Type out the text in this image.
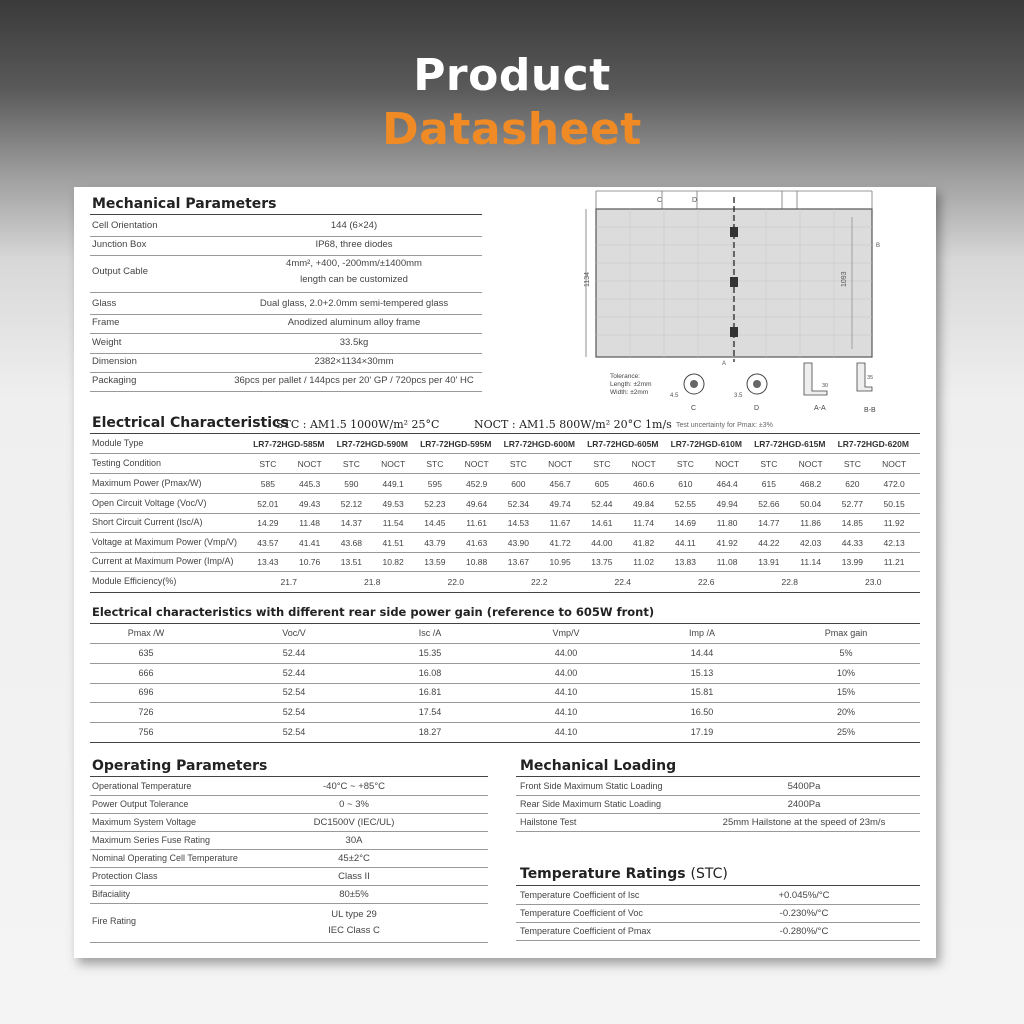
Product
Datasheet
Mechanical Parameters
Cell Orientation	144 (6×24)
Junction Box	IP68, three diodes
Output Cable
4mm², +400, -200mm/±1400mm
length can be customized
Glass	Dual glass, 2.0+2.0mm semi-tempered glass
Frame	Anodized aluminum alloy frame
Weight	33.5kg
Dimension	2382×1134×30mm
Packaging	36pcs per pallet / 144pcs per 20' GP / 720pcs per 40' HC
1134	1093
C	D
B
A
Tolerance:
Length: ±2mm
Width: ±2mm	4.5
C
3.5
D
30
A-A
35
B-B
Electrical Characteristics
STC : AM1.5 1000W/m² 25°C	NOCT : AM1.5 800W/m² 20°C 1m/s Test uncertainty for Pmax: ±3%
Module Type	LR7-72HGD-585M	LR7-72HGD-590M	LR7-72HGD-595M	LR7-72HGD-600M	LR7-72HGD-605M	LR7-72HGD-610M	LR7-72HGD-615M	LR7-72HGD-620M
Testing Condition	STC	NOCT	STC	NOCT	STC	NOCT	STC	NOCT	STC	NOCT	STC	NOCT	STC	NOCT	STC	NOCT
Maximum Power (Pmax/W)	585	445.3	590	449.1	595	452.9	600	456.7	605	460.6	610	464.4	615	468.2	620	472.0
Open Circuit Voltage (Voc/V)	52.01	49.43	52.12	49.53	52.23	49.64	52.34	49.74	52.44	49.84	52.55	49.94	52.66	50.04	52.77	50.15
Short Circuit Current (Isc/A)	14.29	11.48	14.37	11.54	14.45	11.61	14.53	11.67	14.61	11.74	14.69	11.80	14.77	11.86	14.85	11.92
Voltage at Maximum Power (Vmp/V)	43.57	41.41	43.68	41.51	43.79	41.63	43.90	41.72	44.00	41.82	44.11	41.92	44.22	42.03	44.33	42.13
Current at Maximum Power (Imp/A)	13.43	10.76	13.51	10.82	13.59	10.88	13.67	10.95	13.75	11.02	13.83	11.08	13.91	11.14	13.99	11.21
Module Efficiency(%)	21.7	21.8	22.0	22.2	22.4	22.6	22.8	23.0
Electrical characteristics with different rear side power gain (reference to 605W front)
Pmax /W	Voc/V	Isc /A	Vmp/V	Imp /A	Pmax gain
635	52.44	15.35	44.00	14.44	5%
666	52.44	16.08	44.00	15.13	10%
696	52.54	16.81	44.10	15.81	15%
726	52.54	17.54	44.10	16.50	20%
756	52.54	18.27	44.10	17.19	25%
Operating Parameters
Operational Temperature	-40°C ~ +85°C
Power Output Tolerance	0 ~ 3%
Maximum System Voltage	DC1500V (IEC/UL)
Maximum Series Fuse Rating	30A
Nominal Operating Cell Temperature	45±2°C
Protection Class	Class II
Bifaciality	80±5%
Fire Rating
UL type 29
IEC Class C
Mechanical Loading
Front Side Maximum Static Loading	5400Pa
Rear Side Maximum Static Loading	2400Pa
Hailstone Test	25mm Hailstone at the speed of 23m/s
Temperature Ratings (STC)
Temperature Coefficient of Isc	+0.045%/°C
Temperature Coefficient of Voc	-0.230%/°C
Temperature Coefficient of Pmax	-0.280%/°C
